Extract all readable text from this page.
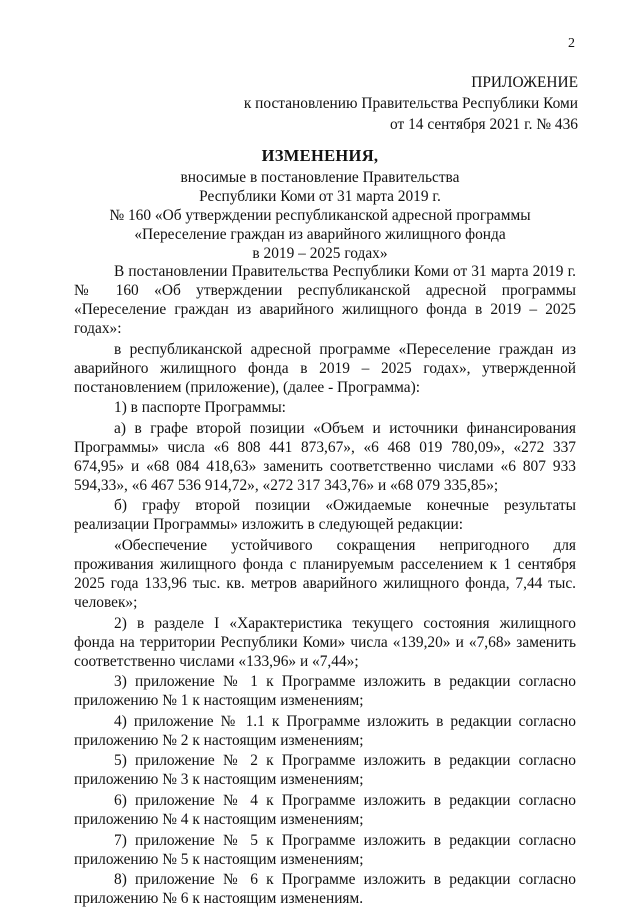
2
ПРИЛОЖЕНИЕ
к постановлению Правительства Республики Коми
от 14 сентября 2021 г. № 436
ИЗМЕНЕНИЯ,
вносимые в постановление Правительства
Республики Коми от 31 марта 2019 г.
№ 160 «Об утверждении республиканской адресной программы
«Переселение граждан из аварийного жилищного фонда
в 2019 – 2025 годах»

В постановлении Правительства Республики Коми от 31 марта 2019 г. № 160 «Об утверждении республиканской адресной программы «Переселение граждан из аварийного жилищного фонда в 2019 – 2025 годах»:

в республиканской адресной программе «Переселение граждан из аварийного жилищного фонда в 2019 – 2025 годах», утвержденной постановлением (приложение), (далее - Программа):

1) в паспорте Программы:

а) в графе второй позиции «Объем и источники финансирования Программы» числа «6 808 441 873,67», «6 468 019 780,09», «272 337 674,95» и «68 084 418,63» заменить соответственно числами «6 807 933 594,33», «6 467 536 914,72», «272 317 343,76» и «68 079 335,85»;

б) графу второй позиции «Ожидаемые конечные результаты реализации Программы» изложить в следующей редакции:

«Обеспечение устойчивого сокращения непригодного для проживания жилищного фонда с планируемым расселением к 1 сентября 2025 года 133,96 тыс. кв. метров аварийного жилищного фонда, 7,44 тыс. человек»;

2) в разделе I «Характеристика текущего состояния жилищного фонда на территории Республики Коми» числа «139,20» и «7,68» заменить соответственно числами «133,96» и «7,44»;

3) приложение № 1 к Программе изложить в редакции согласно приложению № 1 к настоящим изменениям;

4) приложение № 1.1 к Программе изложить в редакции согласно приложению № 2 к настоящим изменениям;

5) приложение № 2 к Программе изложить в редакции согласно приложению № 3 к настоящим изменениям;

6) приложение № 4 к Программе изложить в редакции согласно приложению № 4 к настоящим изменениям;

7) приложение № 5 к Программе изложить в редакции согласно приложению № 5 к настоящим изменениям;

8) приложение № 6 к Программе изложить в редакции согласно приложению № 6 к настоящим изменениям.
